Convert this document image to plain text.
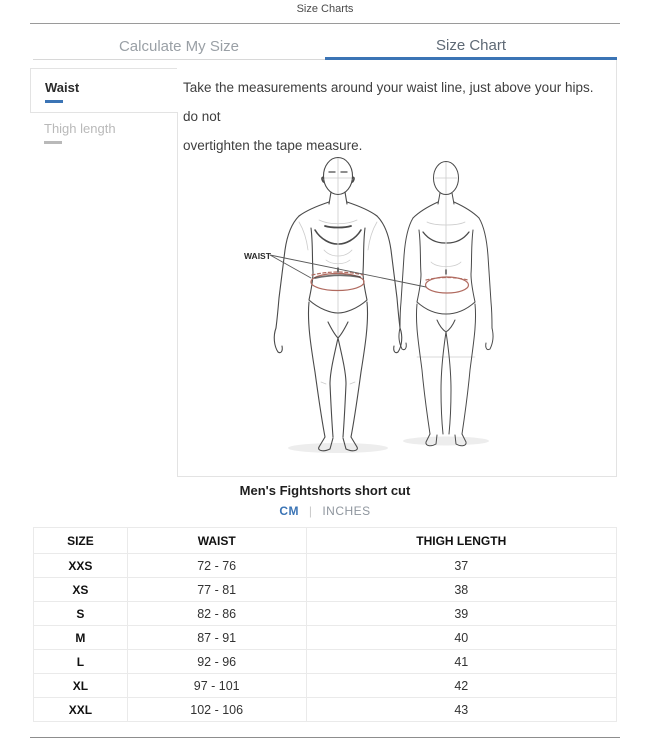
Size Charts
Calculate My Size	Size Chart
Waist
Thigh length
Take the measurements around your waist line, just above your hips. do not
overtighten the tape measure.
WAIST
Men's Fightshorts short cut
CM | INCHES
SIZE	WAIST	THIGH LENGTH
XXS	72 - 76	37
XS	77 - 81	38
S	82 - 86	39
M	87 - 91	40
L	92 - 96	41
XL	97 - 101	42
XXL	102 - 106	43
